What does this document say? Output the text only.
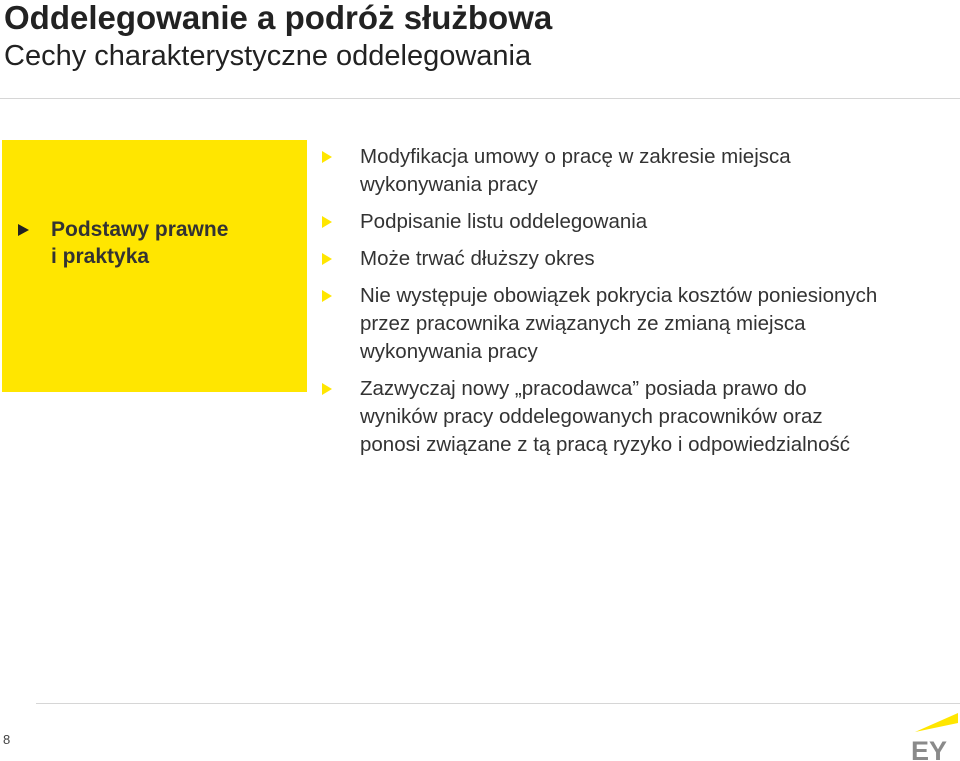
Oddelegowanie a podróż służbowa
Cechy charakterystyczne oddelegowania
Podstawy prawne
i praktyka
Modyfikacja umowy o pracę w zakresie miejsca
wykonywania pracy
Podpisanie listu oddelegowania
Może trwać dłuższy okres
Nie występuje obowiązek pokrycia kosztów poniesionych
przez pracownika związanych ze zmianą miejsca
wykonywania pracy
Zazwyczaj nowy „pracodawca” posiada prawo do
wyników pracy oddelegowanych pracowników oraz
ponosi związane z tą pracą ryzyko i odpowiedzialność
8	EY
